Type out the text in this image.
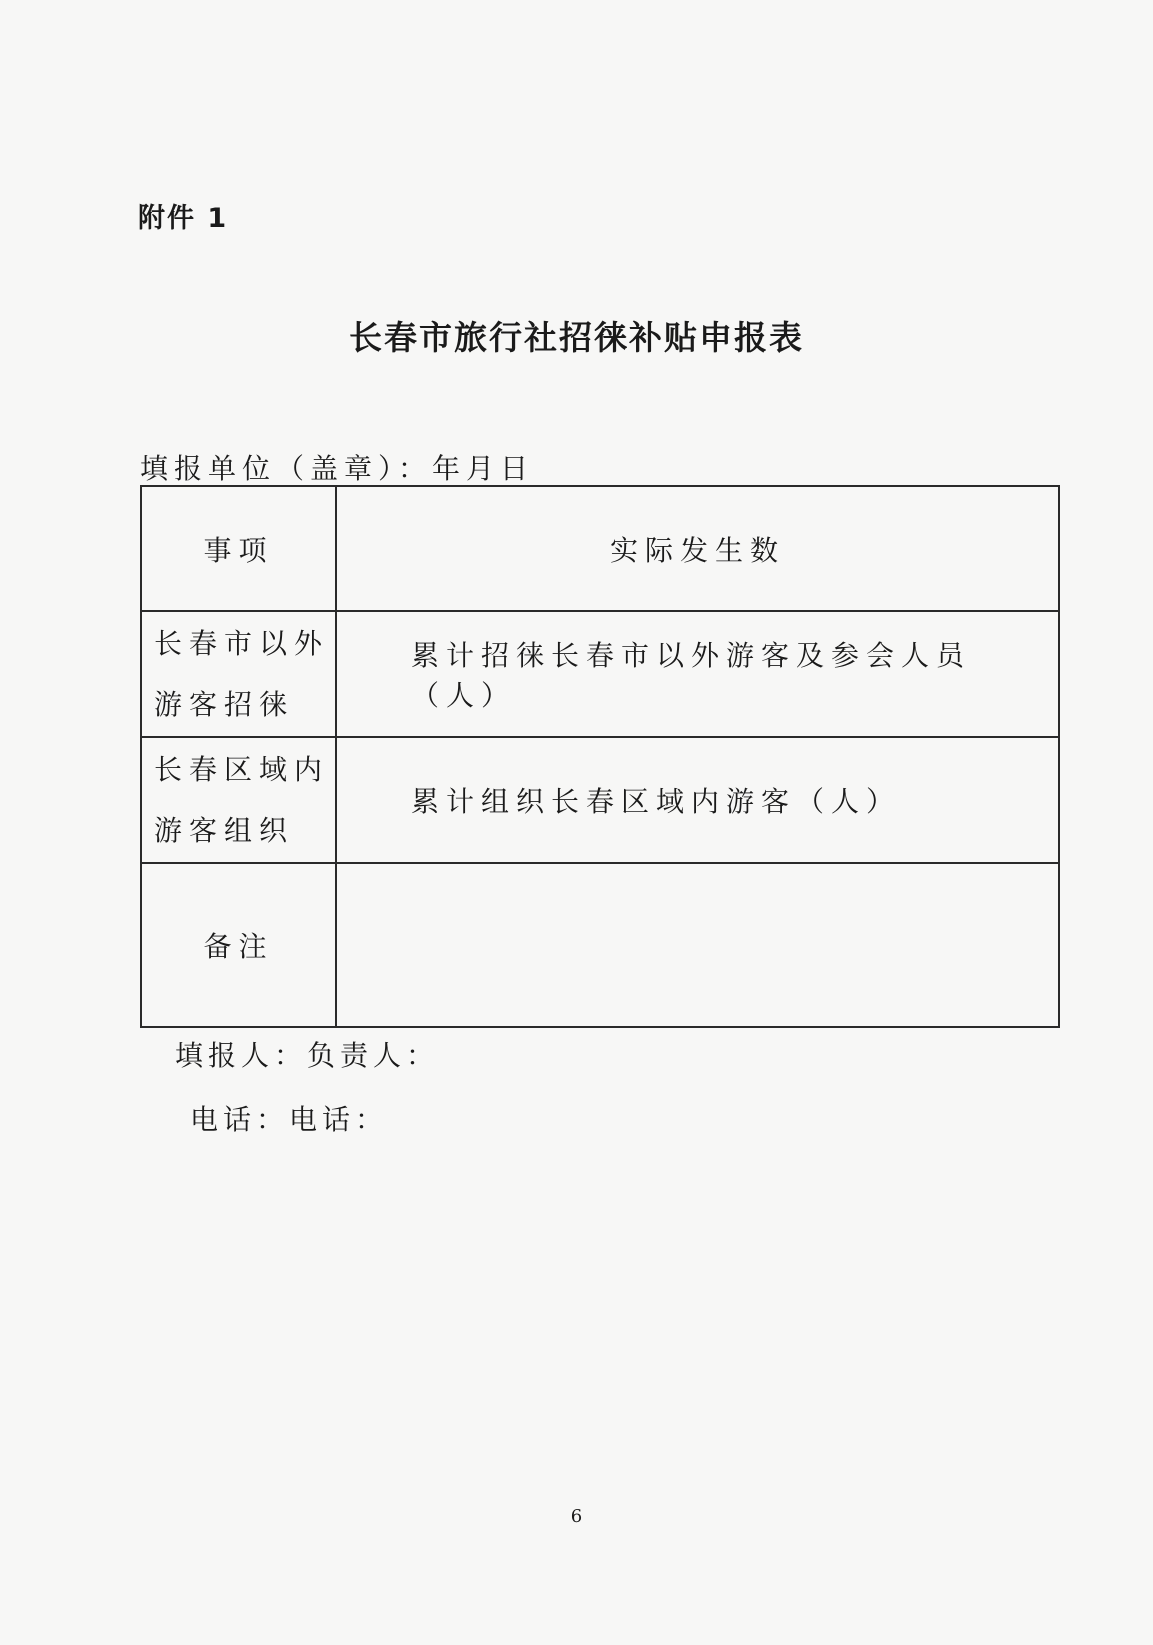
附件 1
长春市旅行社招徕补贴申报表
填报单位（盖章）：年月日
事项	实际发生数

长春市以外
游客招徕	累计招徕长春市以外游客及参会人员（人）

长春区域内
游客组织	累计组织长春区域内游客（人）
备注	
填报人：负责人：
电话：电话：
6
